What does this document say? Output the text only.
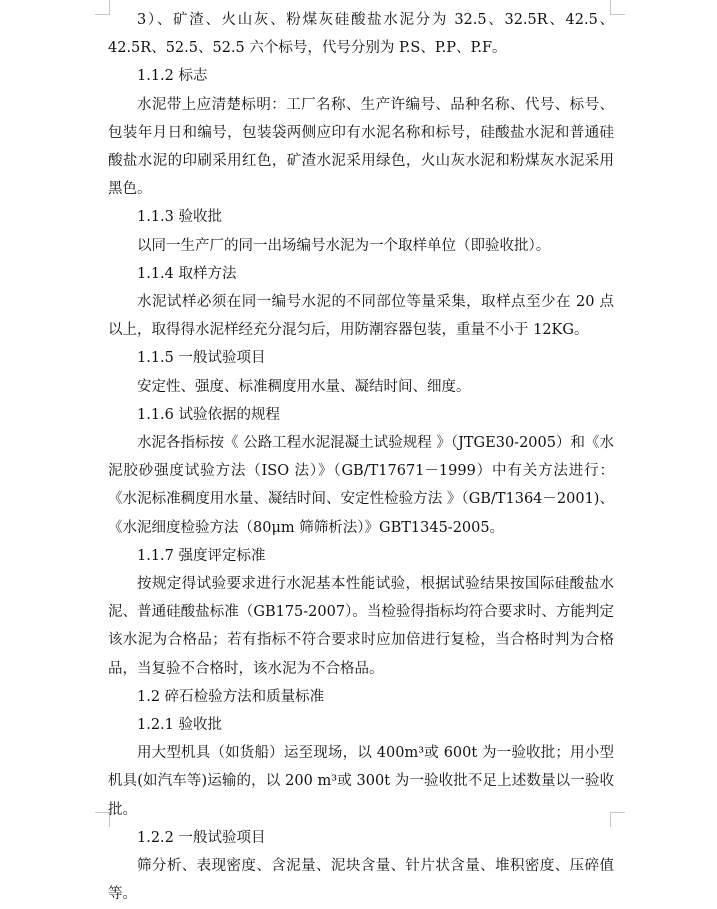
3）、矿渣、火山灰、粉煤灰硅酸盐水泥分为 32.5、32.5R、42.5、42.5R、52.5、52.5 六个标号，代号分别为 P.S、P.P、P.F。

1.1.2 标志

水泥带上应清楚标明：工厂名称、生产许编号、品种名称、代号、标号、包装年月日和编号，包装袋两侧应印有水泥名称和标号，硅酸盐水泥和普通硅酸盐水泥的印刷采用红色，矿渣水泥采用绿色，火山灰水泥和粉煤灰水泥采用黑色。

1.1.3 验收批

以同一生产厂的同一出场编号水泥为一个取样单位（即验收批）。

1.1.4 取样方法

水泥试样必须在同一编号水泥的不同部位等量采集，取样点至少在 20 点以上，取得得水泥样经充分混匀后，用防潮容器包装，重量不小于 12KG。

1.1.5 一般试验项目

安定性、强度、标准稠度用水量、凝结时间、细度。

1.1.6 试验依据的规程

水泥各指标按《 公路工程水泥混凝土试验规程 》（JTGE30-2005）和《水泥胶砂强度试验方法（ISO 法）》（GB/T17671－1999）中有关方法进行：《水泥标准稠度用水量、凝结时间、安定性检验方法 》（GB/T1364－2001)、《水泥细度检验方法（80μm 筛筛析法）》GBT1345-2005。

1.1.7 强度评定标准

按规定得试验要求进行水泥基本性能试验，根据试验结果按国际硅酸盐水泥、普通硅酸盐标准（GB175-2007）。当检验得指标均符合要求时、方能判定该水泥为合格品；若有指标不符合要求时应加倍进行复检，当合格时判为合格品，当复验不合格时，该水泥为不合格品。

1.2 碎石检验方法和质量标准

1.2.1 验收批

用大型机具（如货船）运至现场，以 400m³或 600t 为一验收批；用小型机具(如汽车等)运输的，以 200 m³或 300t 为一验收批不足上述数量以一验收批。

1.2.2 一般试验项目

筛分析、表现密度、含泥量、泥块含量、针片状含量、堆积密度、压碎值等。
